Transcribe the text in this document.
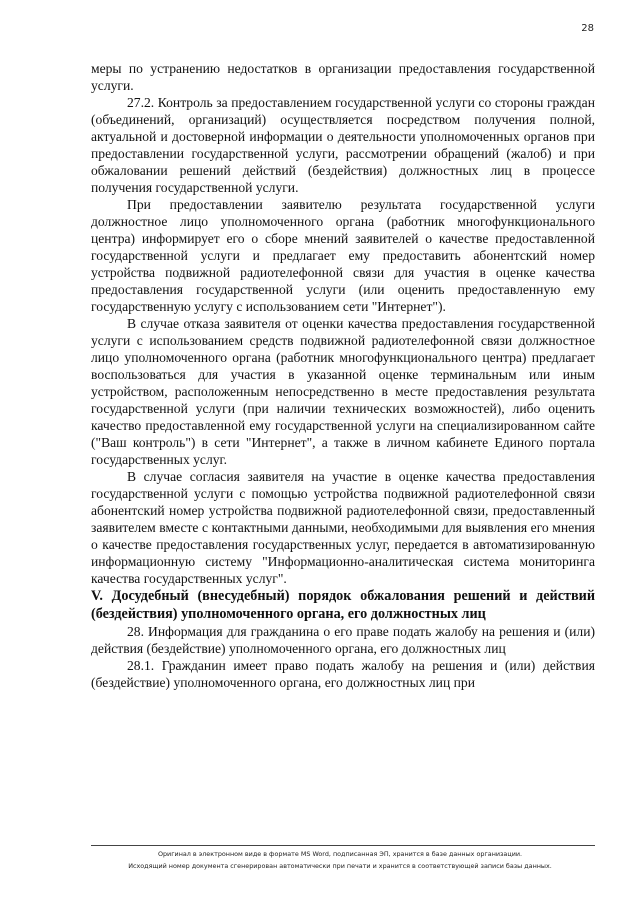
28

меры по устранению недостатков в организации предоставления государственной услуги.

27.2. Контроль за предоставлением государственной услуги со стороны граждан (объединений, организаций) осуществляется посредством получения полной, актуальной и достоверной информации о деятельности уполномоченных органов при предоставлении государственной услуги, рассмотрении обращений (жалоб) и при обжаловании решений действий (бездействия) должностных лиц в процессе получения государственной услуги.

При предоставлении заявителю результата государственной услуги должностное лицо уполномоченного органа (работник многофункционального центра) информирует его о сборе мнений заявителей о качестве предоставленной государственной услуги и предлагает ему предоставить абонентский номер устройства подвижной радиотелефонной связи для участия в оценке качества предоставления государственной услуги (или оценить предоставленную ему государственную услугу с использованием сети "Интернет").

В случае отказа заявителя от оценки качества предоставления государственной услуги с использованием средств подвижной радиотелефонной связи должностное лицо уполномоченного органа (работник многофункционального центра) предлагает воспользоваться для участия в указанной оценке терминальным или иным устройством, расположенным непосредственно в месте предоставления результата государственной услуги (при наличии технических возможностей), либо оценить качество предоставленной ему государственной услуги на специализированном сайте ("Ваш контроль") в сети "Интернет", а также в личном кабинете Единого портала государственных услуг.

В случае согласия заявителя на участие в оценке качества предоставления государственной услуги с помощью устройства подвижной радиотелефонной связи абонентский номер устройства подвижной радиотелефонной связи, предоставленный заявителем вместе с контактными данными, необходимыми для выявления его мнения о качестве предоставления государственных услуг, передается в автоматизированную информационную систему "Информационно-аналитическая система мониторинга качества государственных услуг".

V. Досудебный (внесудебный) порядок обжалования решений и действий (бездействия) уполномоченного органа, его должностных лиц

28. Информация для гражданина о его праве подать жалобу на решения и (или) действия (бездействие) уполномоченного органа, его должностных лиц

28.1. Гражданин имеет право подать жалобу на решения и (или) действия (бездействие) уполномоченного органа, его должностных лиц при

Оригинал в электронном виде в формате MS Word, подписанная ЭП, хранится в базе данных организации.
Исходящий номер документа сгенерирован автоматически при печати и хранится в соответствующей записи базы данных.
